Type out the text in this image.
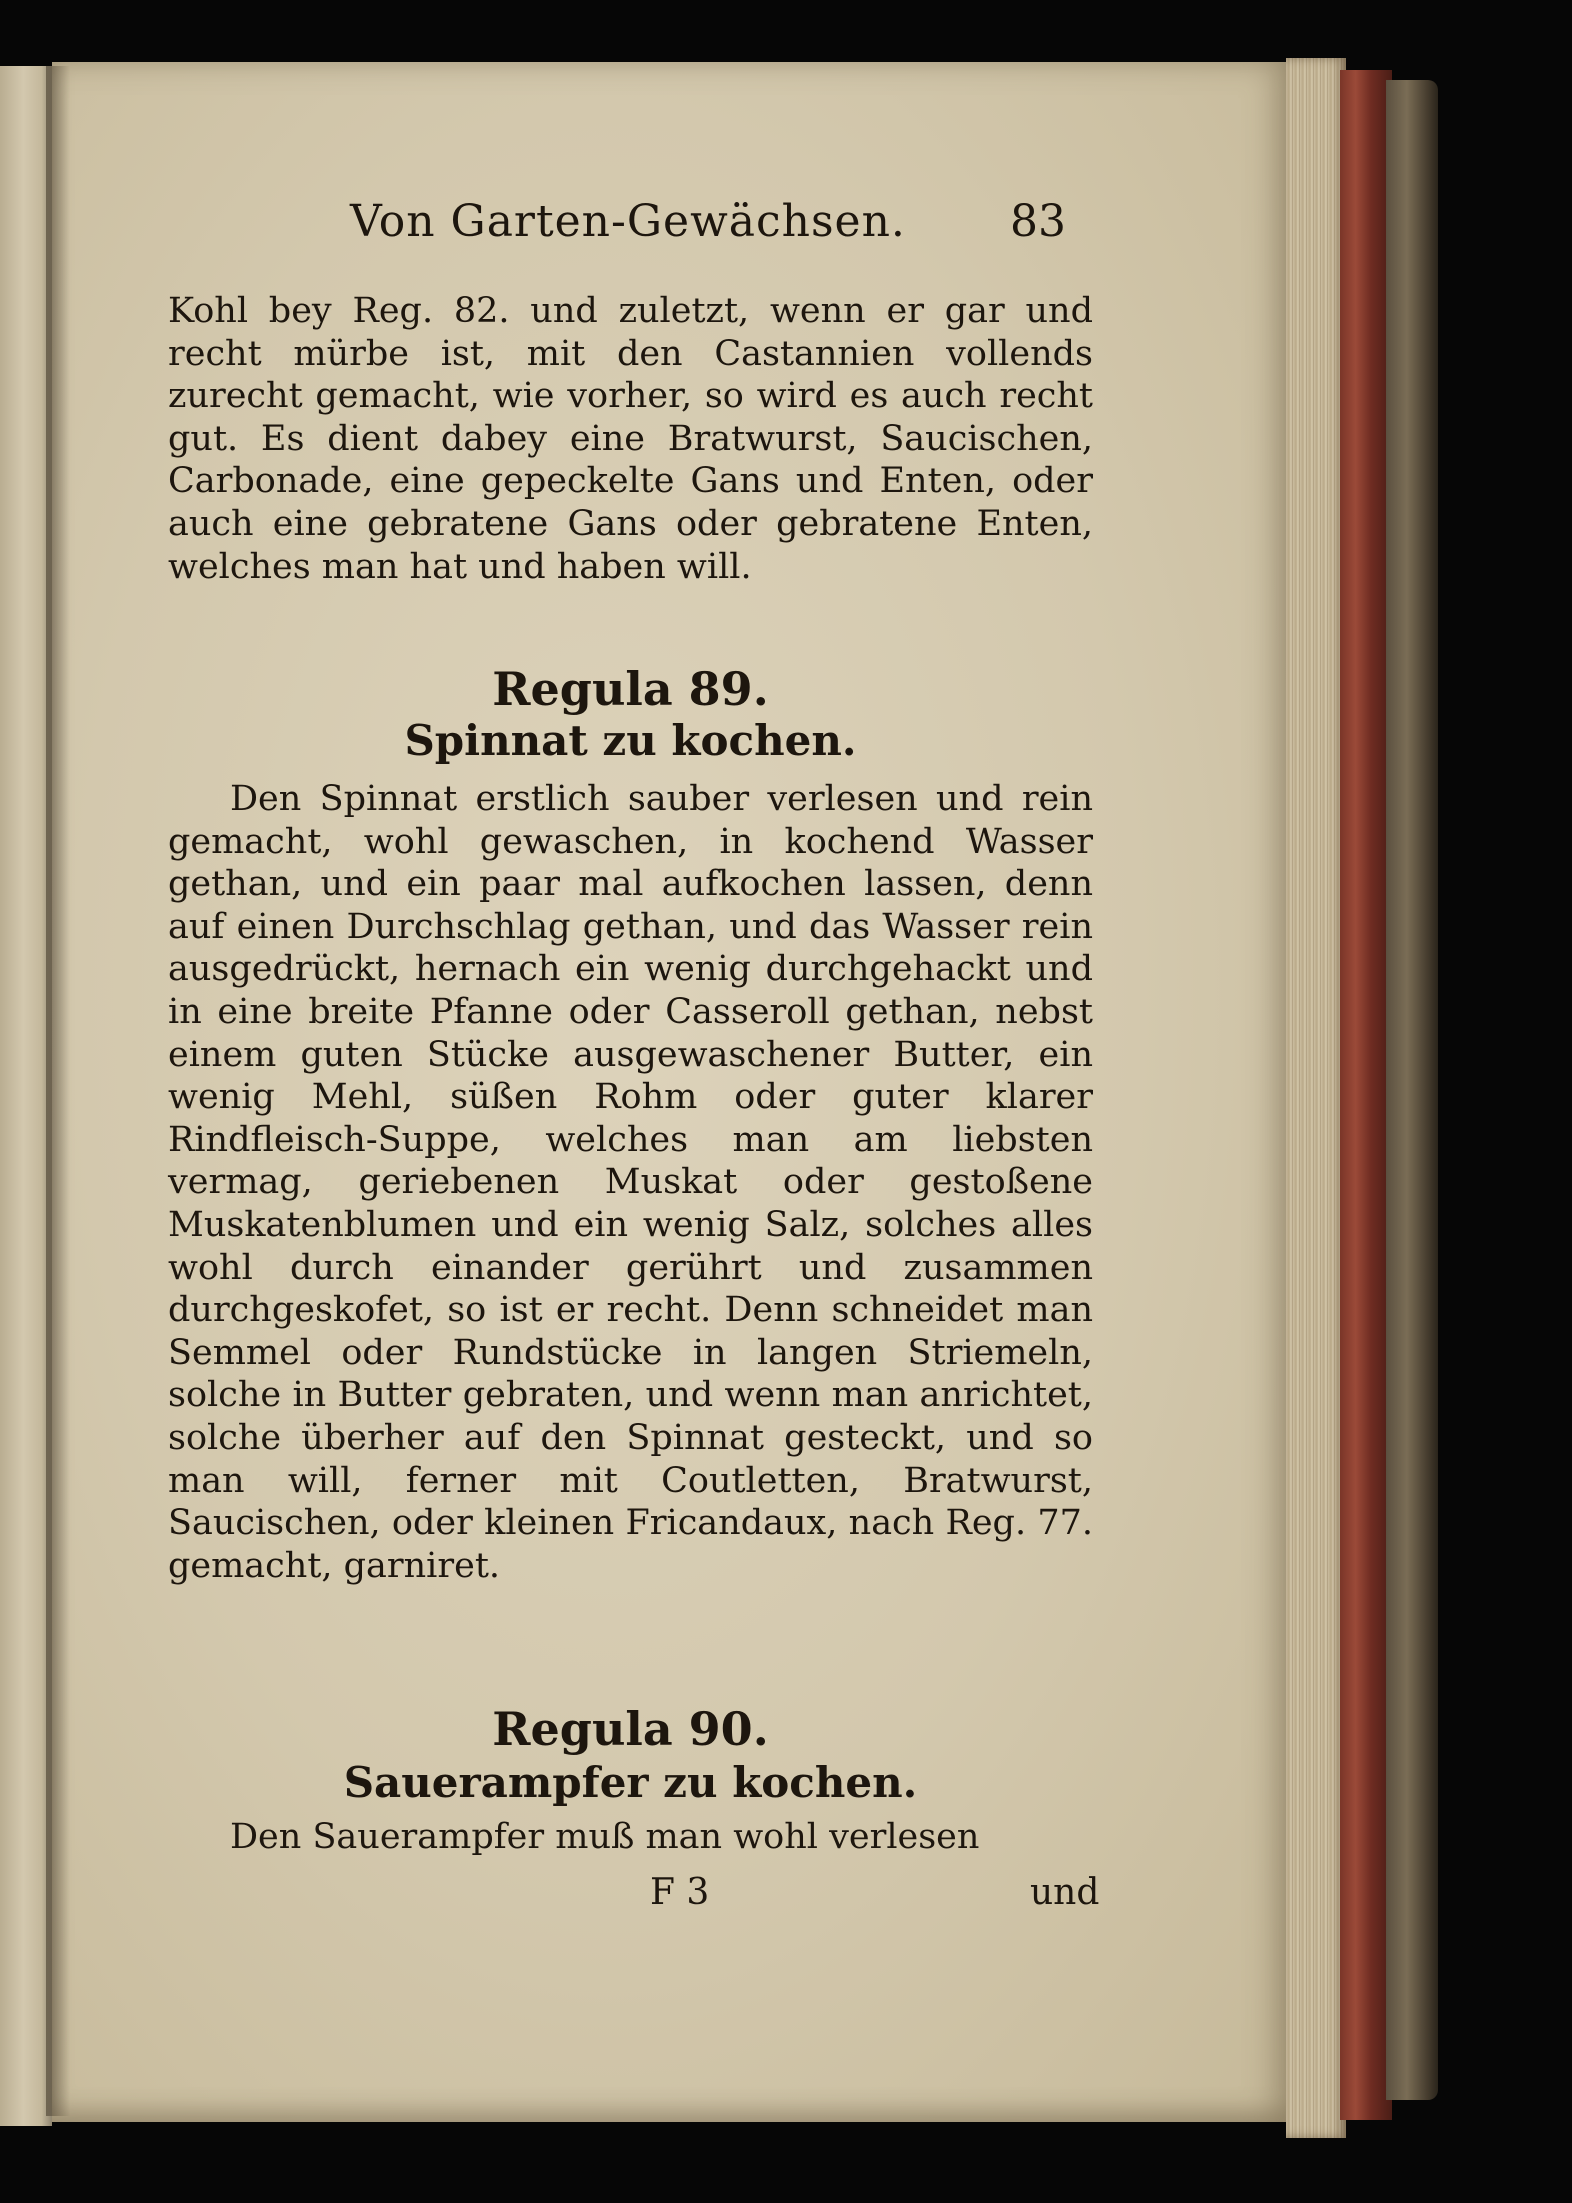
Von Garten-Gewächsen. 83

Kohl bey Reg. 82. und zuletzt, wenn er gar und recht mürbe ist, mit den Castannien vollends zurecht gemacht, wie vorher, so wird es auch recht gut. Es dient dabey eine Bratwurst, Saucischen, Carbonade, eine gepeckelte Gans und Enten, oder auch eine gebratene Gans oder gebratene Enten, welches man hat und haben will.

Regula 89.
Spinnat zu kochen.

Den Spinnat erstlich sauber verlesen und rein gemacht, wohl gewaschen, in kochend Wasser gethan, und ein paar mal aufkochen lassen, denn auf einen Durchschlag gethan, und das Wasser rein ausgedrückt, hernach ein wenig durchgehackt und in eine breite Pfanne oder Casseroll gethan, nebst einem guten Stücke ausgewaschener Butter, ein wenig Mehl, süßen Rohm oder guter klarer Rindfleisch-Suppe, welches man am liebsten vermag, geriebenen Muskat oder gestoßene Muskatenblumen und ein wenig Salz, solches alles wohl durch einander gerührt und zusammen durchgeskofet, so ist er recht. Denn schneidet man Semmel oder Rundstücke in langen Striemeln, solche in Butter gebraten, und wenn man anrichtet, solche überher auf den Spinnat gesteckt, und so man will, ferner mit Coutletten, Bratwurst, Saucischen, oder kleinen Fricandaux, nach Reg. 77. gemacht, garniret.

Regula 90.
Sauerampfer zu kochen.

Den Sauerampfer muß man wohl verlesen

F 3	und
